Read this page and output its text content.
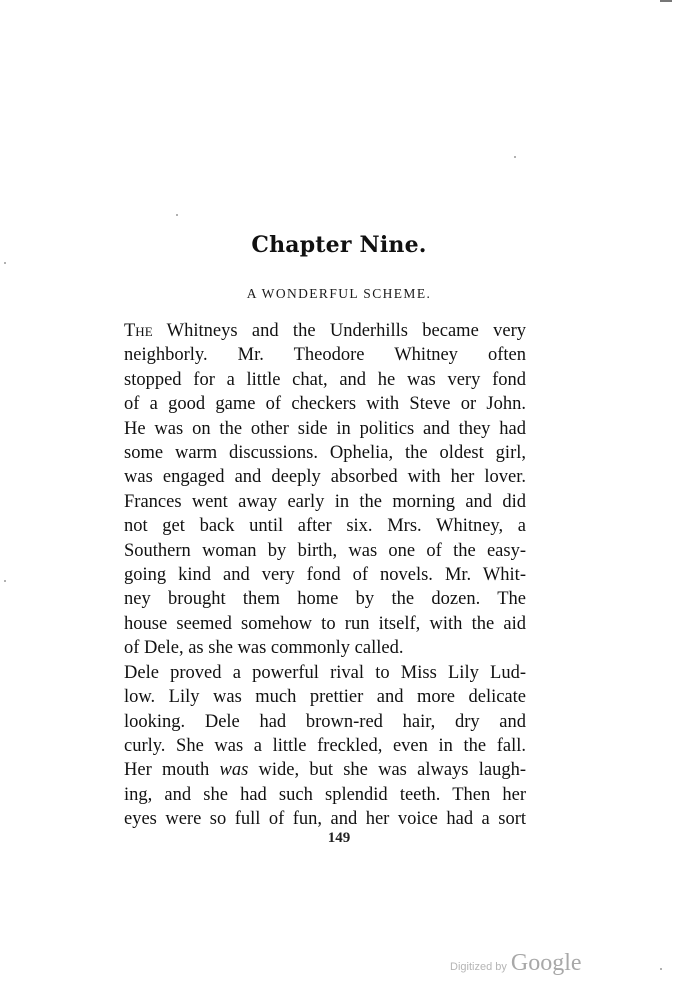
Chapter Nine.
A WONDERFUL SCHEME.

The Whitneys and the Underhills became very
neighborly. Mr. Theodore Whitney often
stopped for a little chat, and he was very fond
of a good game of checkers with Steve or John.
He was on the other side in politics and they had
some warm discussions. Ophelia, the oldest girl,
was engaged and deeply absorbed with her lover.
Frances went away early in the morning and did
not get back until after six. Mrs. Whitney, a
Southern woman by birth, was one of the easy-
going kind and very fond of novels. Mr. Whit-
ney brought them home by the dozen. The
house seemed somehow to run itself, with the aid
of Dele, as she was commonly called.

Dele proved a powerful rival to Miss Lily Lud-
low. Lily was much prettier and more delicate
looking. Dele had brown-red hair, dry and
curly. She was a little freckled, even in the fall.
Her mouth was wide, but she was always laugh-
ing, and she had such splendid teeth. Then her
eyes were so full of fun, and her voice had a sort

149
Digitized by Google
